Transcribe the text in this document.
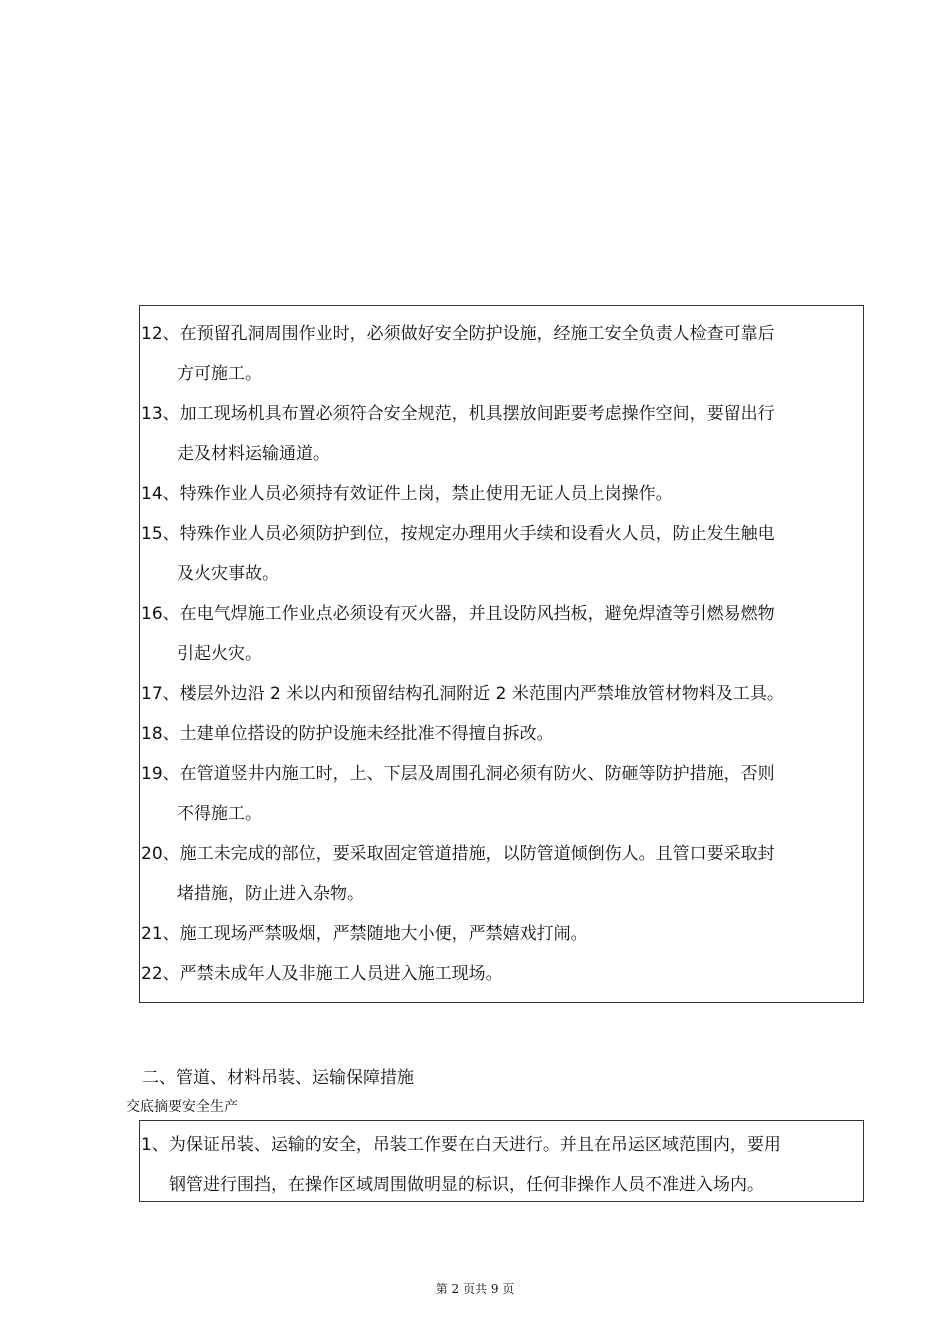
12、在预留孔洞周围作业时，必须做好安全防护设施，经施工安全负责人检查可靠后
方可施工。
13、加工现场机具布置必须符合安全规范，机具摆放间距要考虑操作空间，要留出行
走及材料运输通道。
14、特殊作业人员必须持有效证件上岗，禁止使用无证人员上岗操作。
15、特殊作业人员必须防护到位，按规定办理用火手续和设看火人员，防止发生触电
及火灾事故。
16、在电气焊施工作业点必须设有灭火器，并且设防风挡板，避免焊渣等引燃易燃物
引起火灾。
17、楼层外边沿 2 米以内和预留结构孔洞附近 2 米范围内严禁堆放管材物料及工具。
18、土建单位搭设的防护设施未经批准不得擅自拆改。
19、在管道竖井内施工时，上、下层及周围孔洞必须有防火、防砸等防护措施，否则
不得施工。
20、施工未完成的部位，要采取固定管道措施，以防管道倾倒伤人。且管口要采取封
堵措施，防止进入杂物。
21、施工现场严禁吸烟，严禁随地大小便，严禁嬉戏打闹。
22、严禁未成年人及非施工人员进入施工现场。
二、管道、材料吊装、运输保障措施
交底摘要安全生产
1、为保证吊装、运输的安全，吊装工作要在白天进行。并且在吊运区域范围内，要用
钢管进行围挡，在操作区域周围做明显的标识，任何非操作人员不准进入场内。
第 2 页共 9 页
